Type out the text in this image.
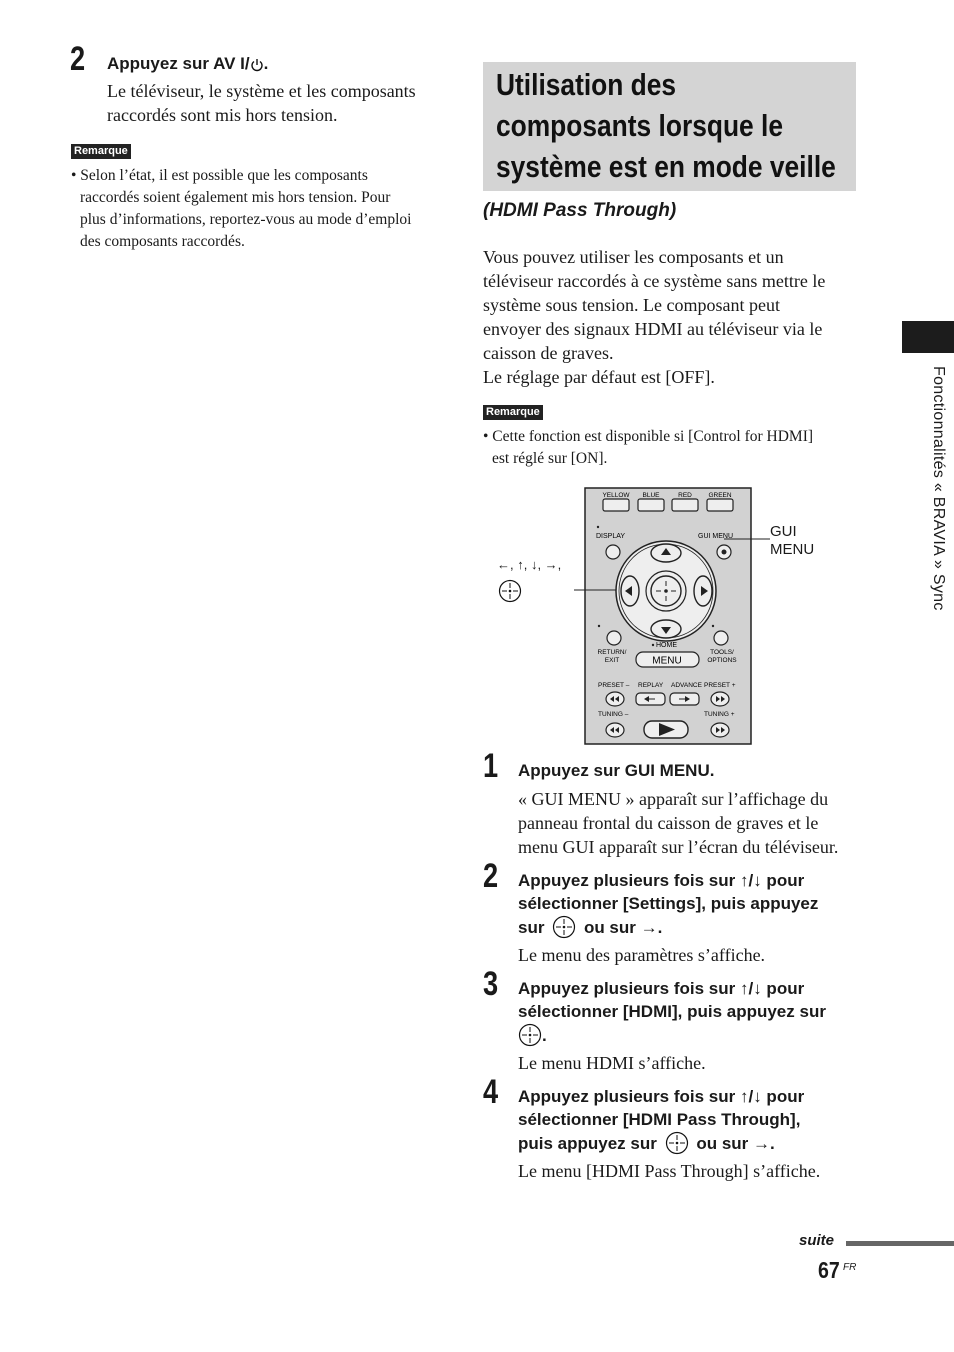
2 Appuyez sur AV I/ .
Le téléviseur, le système et les composants
raccordés sont mis hors tension.
Remarque
• Selon l’état, il est possible que les composants
raccordés soient également mis hors tension. Pour
plus d’informations, reportez-vous au mode d’emploi
des composants raccordés.
Utilisation des
composants lorsque le
système est en mode veille
(HDMI Pass Through)
Vous pouvez utiliser les composants et un
téléviseur raccordés à ce système sans mettre le
système sous tension. Le composant peut
envoyer des signaux HDMI au téléviseur via le
caisson de graves.
Le réglage par défaut est [OFF].
Remarque
• Cette fonction est disponible si [Control for HDMI]
est réglé sur [ON].
←, ↑, ↓, →,
GUI
MENU
YELLOW BLUE	RED	GREEN
DISPLAY	GUI MENU
RETURN/
EXIT
HOME
MENU
TOOLS/
OPTIONS
PRESET – REPLAY ADVANCE PRESET +
TUNING –	TUNING +
1 Appuyez sur GUI MENU.
« GUI MENU » apparaît sur l’affichage du
panneau frontal du caisson de graves et le
menu GUI apparaît sur l’écran du téléviseur.
2 Appuyez plusieurs fois sur ↑/↓ pour
sélectionner [Settings], puis appuyez
sur ou sur →.
Le menu des paramètres s’affiche.
3 Appuyez plusieurs fois sur ↑/↓ pour
sélectionner [HDMI], puis appuyez sur
.
Le menu HDMI s’affiche.
4 Appuyez plusieurs fois sur ↑/↓ pour
sélectionner [HDMI Pass Through],
puis appuyez sur ou sur →.
Le menu [HDMI Pass Through] s’affiche.
Fonctionnalités « BRAVIA » Sync
suite
67 FR
